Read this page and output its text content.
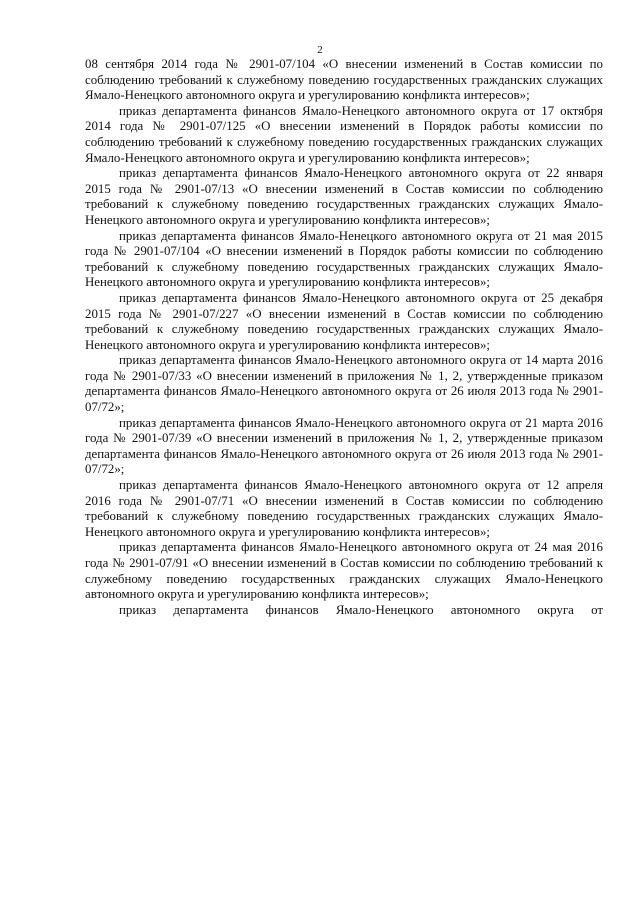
2

08 сентября 2014 года № 2901-07/104 «О внесении изменений в Состав комиссии по соблюдению требований к служебному поведению государственных гражданских служащих Ямало-Ненецкого автономного округа и урегулированию конфликта интересов»;

приказ департамента финансов Ямало-Ненецкого автономного округа от 17 октября 2014 года № 2901-07/125 «О внесении изменений в Порядок работы комиссии по соблюдению требований к служебному поведению государственных гражданских служащих Ямало-Ненецкого автономного округа и урегулированию конфликта интересов»;

приказ департамента финансов Ямало-Ненецкого автономного округа от 22 января 2015 года № 2901-07/13 «О внесении изменений в Состав комиссии по соблюдению требований к служебному поведению государственных гражданских служащих Ямало-Ненецкого автономного округа и урегулированию конфликта интересов»;

приказ департамента финансов Ямало-Ненецкого автономного округа от 21 мая 2015 года № 2901-07/104 «О внесении изменений в Порядок работы комиссии по соблюдению требований к служебному поведению государственных гражданских служащих Ямало-Ненецкого автономного округа и урегулированию конфликта интересов»;

приказ департамента финансов Ямало-Ненецкого автономного округа от 25 декабря 2015 года № 2901-07/227 «О внесении изменений в Состав комиссии по соблюдению требований к служебному поведению государственных гражданских служащих Ямало-Ненецкого автономного округа и урегулированию конфликта интересов»;

приказ департамента финансов Ямало-Ненецкого автономного округа от 14 марта 2016 года № 2901-07/33 «О внесении изменений в приложения № 1, 2, утвержденные приказом департамента финансов Ямало-Ненецкого автономного округа от 26 июля 2013 года № 2901-07/72»;

приказ департамента финансов Ямало-Ненецкого автономного округа от 21 марта 2016 года № 2901-07/39 «О внесении изменений в приложения № 1, 2, утвержденные приказом департамента финансов Ямало-Ненецкого автономного округа от 26 июля 2013 года № 2901-07/72»;

приказ департамента финансов Ямало-Ненецкого автономного округа от 12 апреля 2016 года № 2901-07/71 «О внесении изменений в Состав комиссии по соблюдению требований к служебному поведению государственных гражданских служащих Ямало-Ненецкого автономного округа и урегулированию конфликта интересов»;

приказ департамента финансов Ямало-Ненецкого автономного округа от 24 мая 2016 года № 2901-07/91 «О внесении изменений в Состав комиссии по соблюдению требований к служебному поведению государственных гражданских служащих Ямало-Ненецкого автономного округа и урегулированию конфликта интересов»;

приказ департамента финансов Ямало-Ненецкого автономного округа от
